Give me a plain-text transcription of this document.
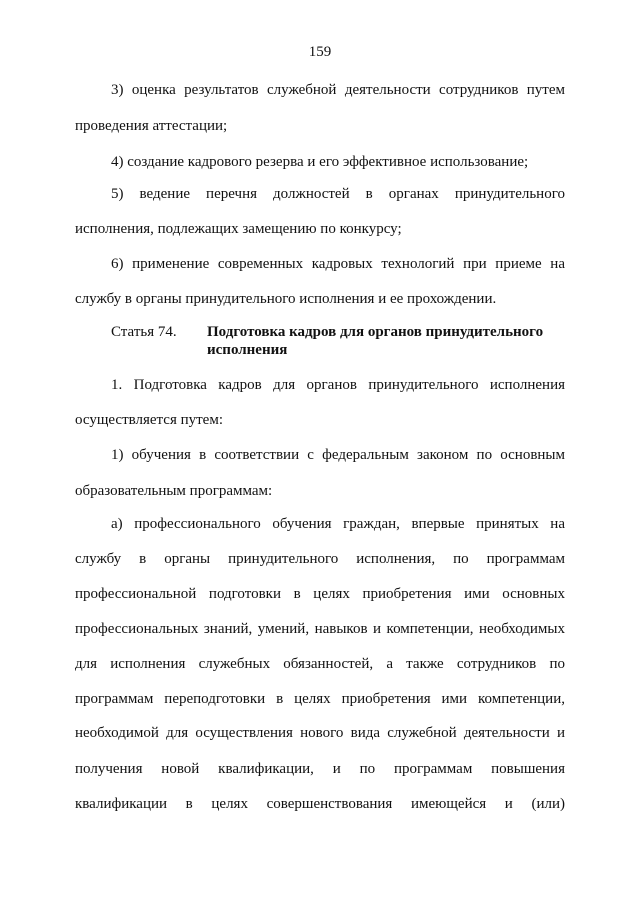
159
3) оценка результатов служебной деятельности сотрудников путем
проведения аттестации;
4) создание кадрового резерва и его эффективное использование;
5) ведение перечня должностей в органах принудительного
исполнения, подлежащих замещению по конкурсу;
6) применение современных кадровых технологий при приеме на
службу в органы принудительного исполнения и ее прохождении.
Статья 74. Подготовка кадров для органов принудительного
исполнения
1. Подготовка кадров для органов принудительного исполнения
осуществляется путем:
1) обучения в соответствии с федеральным законом по основным
образовательным программам:
а) профессионального обучения граждан, впервые принятых на
службу в органы принудительного исполнения, по программам
профессиональной подготовки в целях приобретения ими основных
профессиональных знаний, умений, навыков и компетенции, необходимых
для исполнения служебных обязанностей, а также сотрудников по
программам переподготовки в целях приобретения ими компетенции,
необходимой для осуществления нового вида служебной деятельности и
получения новой квалификации, и по программам повышения
квалификации в целях совершенствования имеющейся и (или)
